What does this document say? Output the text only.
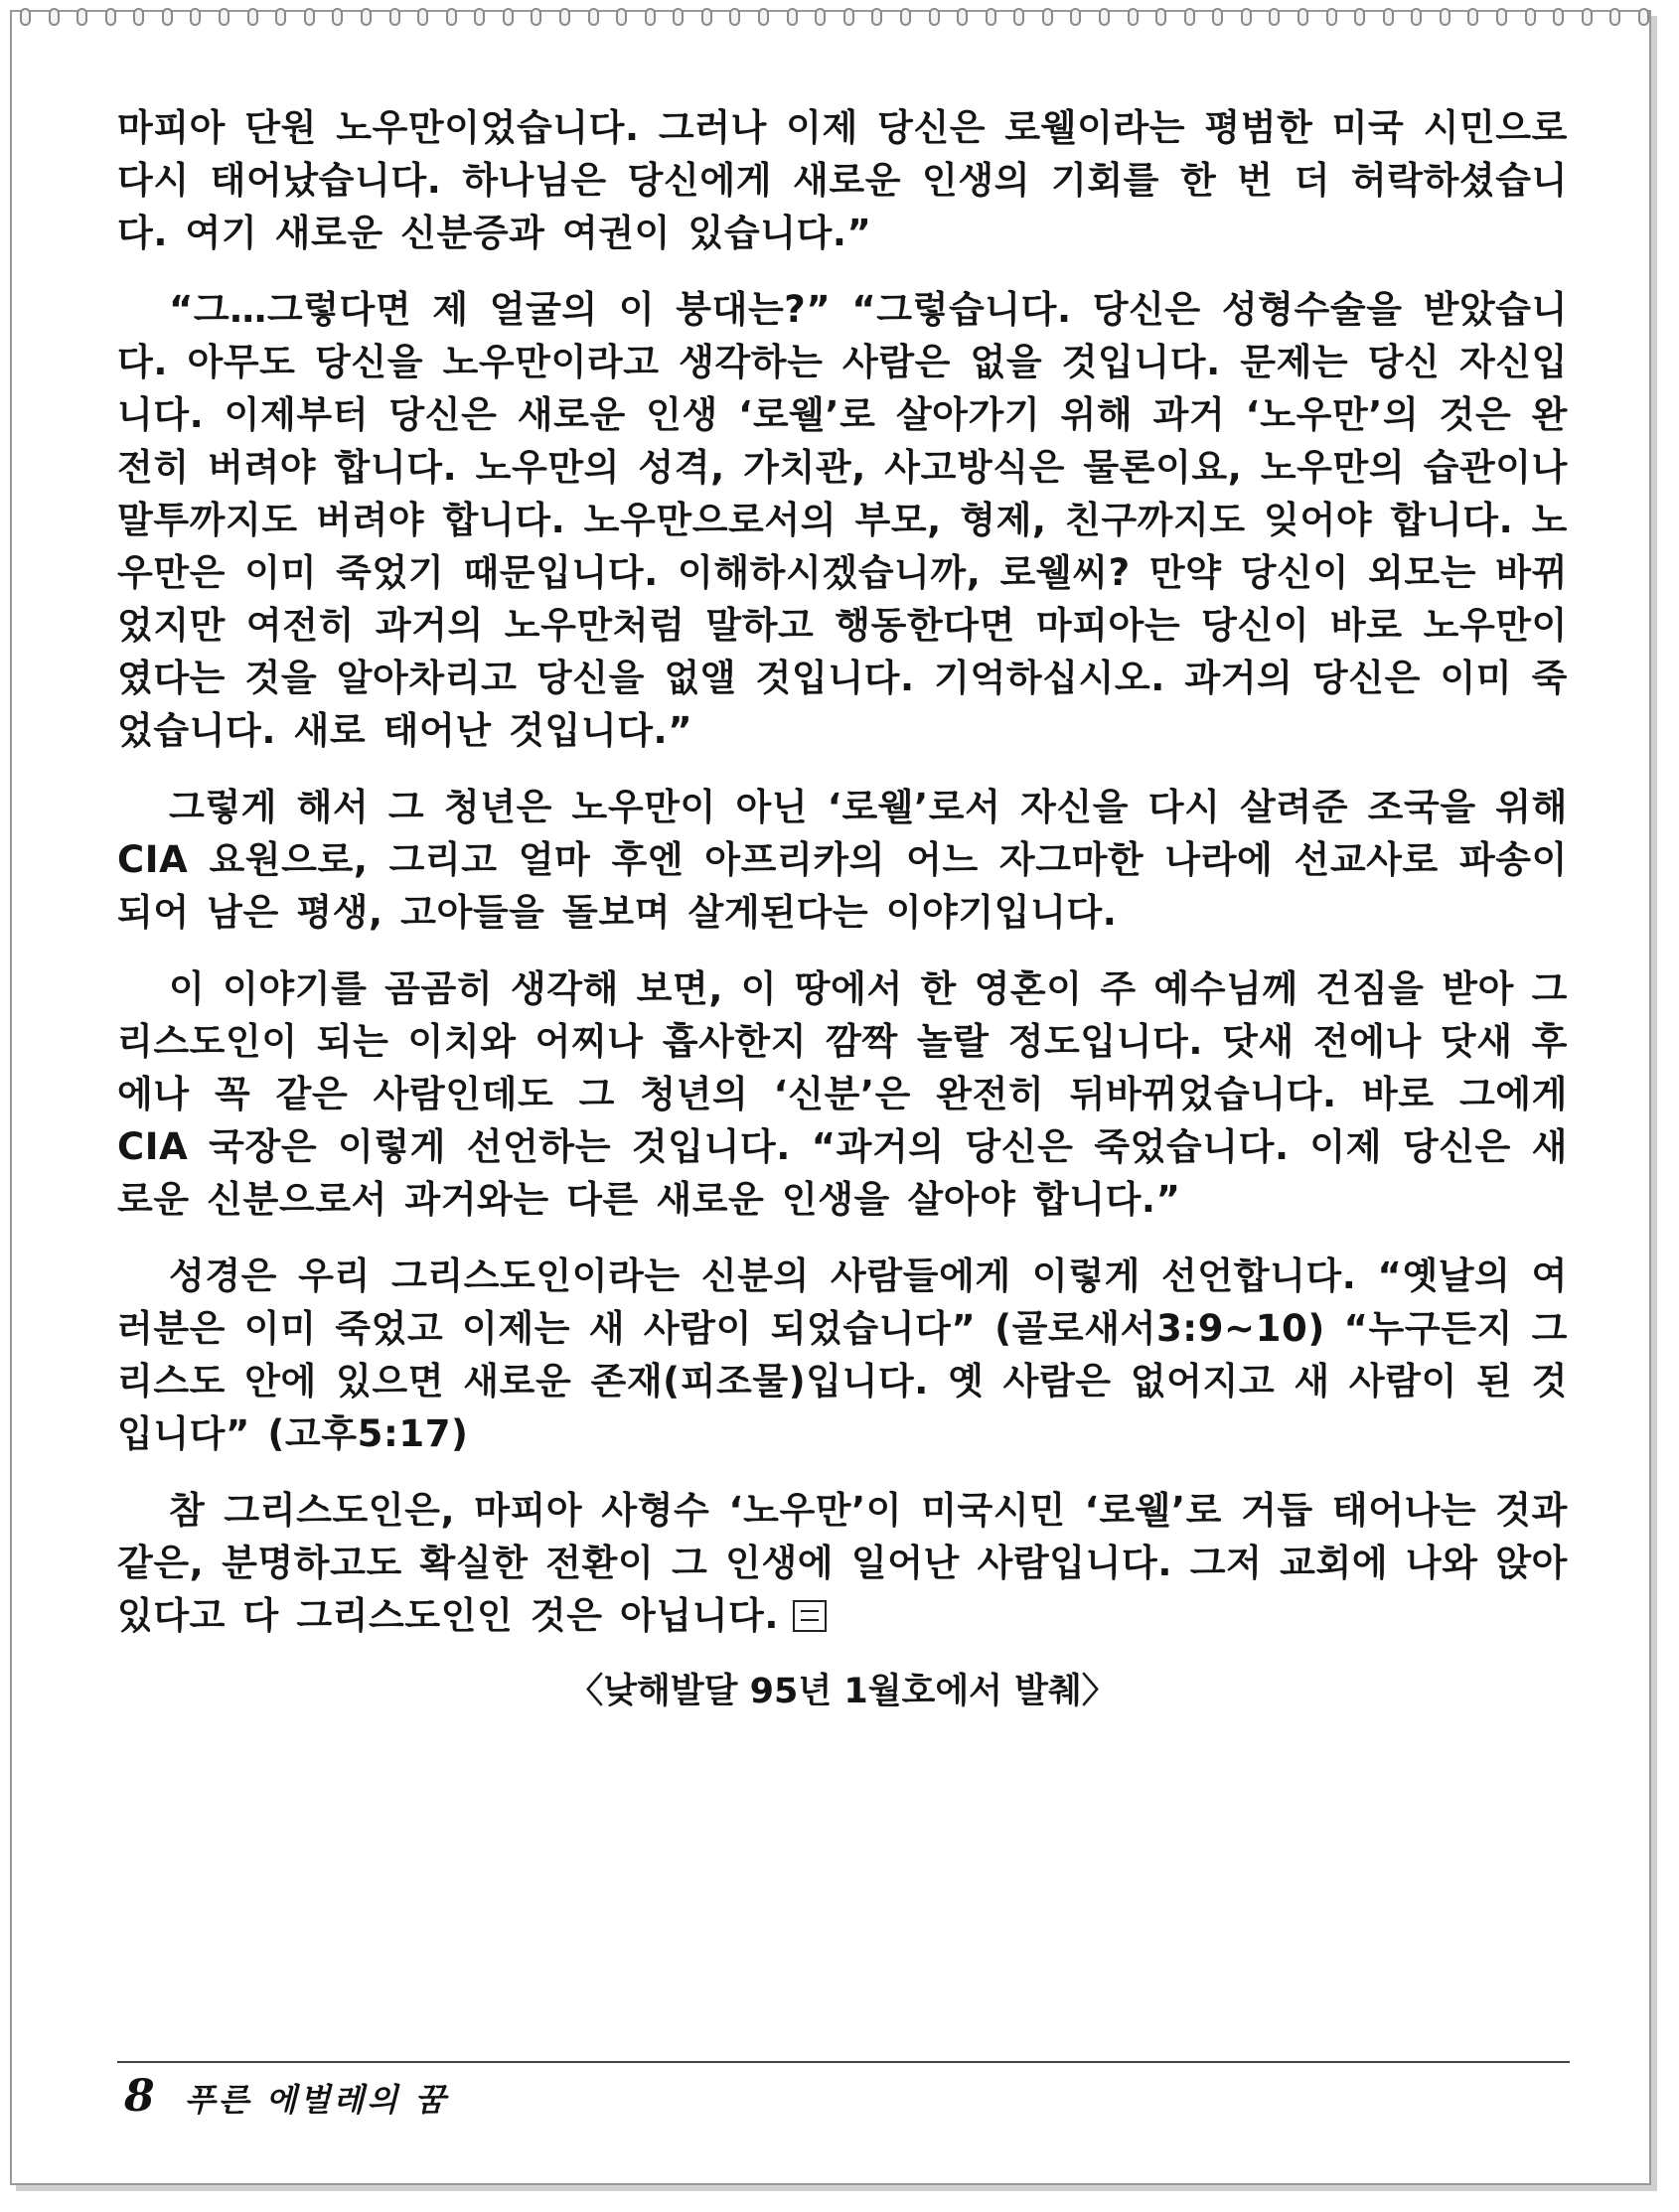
마피아 단원 노우만이었습니다. 그러나 이제 당신은 로웰이라는 평범한 미국 시민으로 다시 태어났습니다. 하나님은 당신에게 새로운 인생의 기회를 한 번 더 허락하셨습니다. 여기 새로운 신분증과 여권이 있습니다.”

“그…그렇다면 제 얼굴의 이 붕대는?” “그렇습니다. 당신은 성형수술을 받았습니다. 아무도 당신을 노우만이라고 생각하는 사람은 없을 것입니다. 문제는 당신 자신입니다. 이제부터 당신은 새로운 인생 ‘로웰’로 살아가기 위해 과거 ‘노우만’의 것은 완전히 버려야 합니다. 노우만의 성격, 가치관, 사고방식은 물론이요, 노우만의 습관이나 말투까지도 버려야 합니다. 노우만으로서의 부모, 형제, 친구까지도 잊어야 합니다. 노우만은 이미 죽었기 때문입니다. 이해하시겠습니까, 로웰씨? 만약 당신이 외모는 바뀌었지만 여전히 과거의 노우만처럼 말하고 행동한다면 마피아는 당신이 바로 노우만이였다는 것을 알아차리고 당신을 없앨 것입니다. 기억하십시오. 과거의 당신은 이미 죽었습니다. 새로 태어난 것입니다.”

그렇게 해서 그 청년은 노우만이 아닌 ‘로웰’로서 자신을 다시 살려준 조국을 위해 CIA 요원으로, 그리고 얼마 후엔 아프리카의 어느 자그마한 나라에 선교사로 파송이 되어 남은 평생, 고아들을 돌보며 살게된다는 이야기입니다.

이 이야기를 곰곰히 생각해 보면, 이 땅에서 한 영혼이 주 예수님께 건짐을 받아 그리스도인이 되는 이치와 어찌나 흡사한지 깜짝 놀랄 정도입니다. 닷새 전에나 닷새 후에나 꼭 같은 사람인데도 그 청년의 ‘신분’은 완전히 뒤바뀌었습니다. 바로 그에게 CIA 국장은 이렇게 선언하는 것입니다. “과거의 당신은 죽었습니다. 이제 당신은 새로운 신분으로서 과거와는 다른 새로운 인생을 살아야 합니다.”

성경은 우리 그리스도인이라는 신분의 사람들에게 이렇게 선언합니다. “옛날의 여러분은 이미 죽었고 이제는 새 사람이 되었습니다” (골로새서3:9~10) “누구든지 그리스도 안에 있으면 새로운 존재(피조물)입니다. 옛 사람은 없어지고 새 사람이 된 것입니다” (고후5:17)

참 그리스도인은, 마피아 사형수 ‘노우만’이 미국시민 ‘로웰’로 거듭 태어나는 것과 같은, 분명하고도 확실한 전환이 그 인생에 일어난 사람입니다. 그저 교회에 나와 앉아 있다고 다 그리스도인인 것은 아닙니다.

〈낮해발달 95년 1월호에서 발췌〉
8 푸른 에벌레의 꿈
